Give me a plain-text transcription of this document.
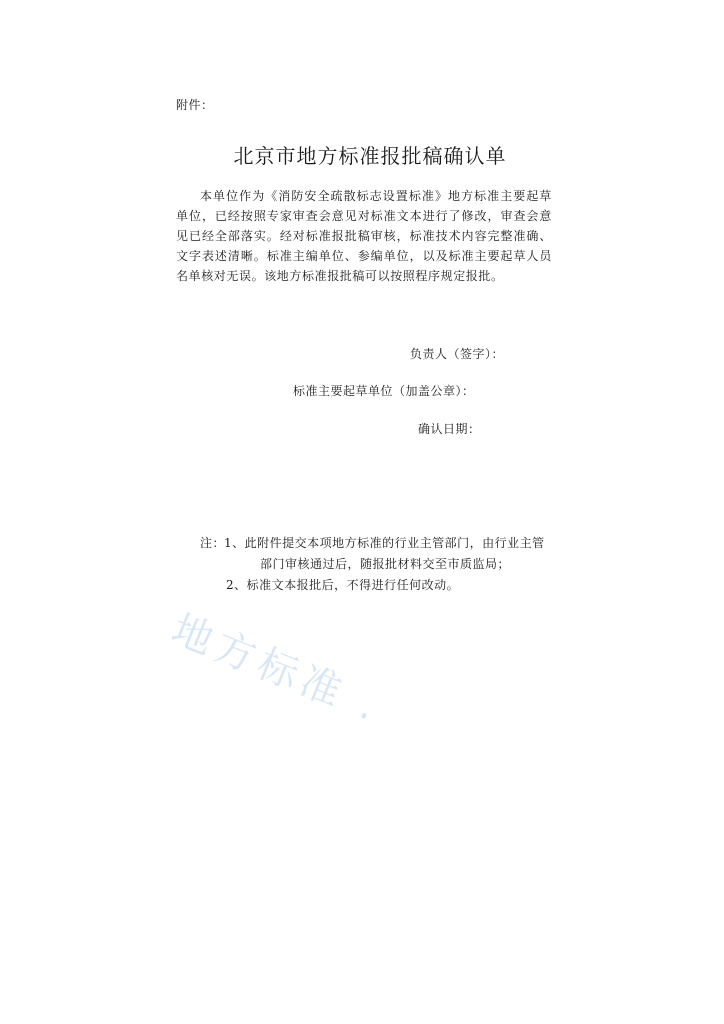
附件：
北京市地方标准报批稿确认单

本单位作为《消防安全疏散标志设置标准》地方标准主要起草单位，已经按照专家审查会意见对标准文本进行了修改，审查会意见已经全部落实。经对标准报批稿审核，标准技术内容完整准确、文字表述清晰。标准主编单位、参编单位，以及标准主要起草人员名单核对无误。该地方标准报批稿可以按照程序规定报批。

负责人（签字）：
标准主要起草单位（加盖公章）：
确认日期：
注：1、此附件提交本项地方标准的行业主管部门，由行业主管
部门审核通过后，随报批材料交至市质监局；
2、标准文本报批后，不得进行任何改动。
地方标准 .
